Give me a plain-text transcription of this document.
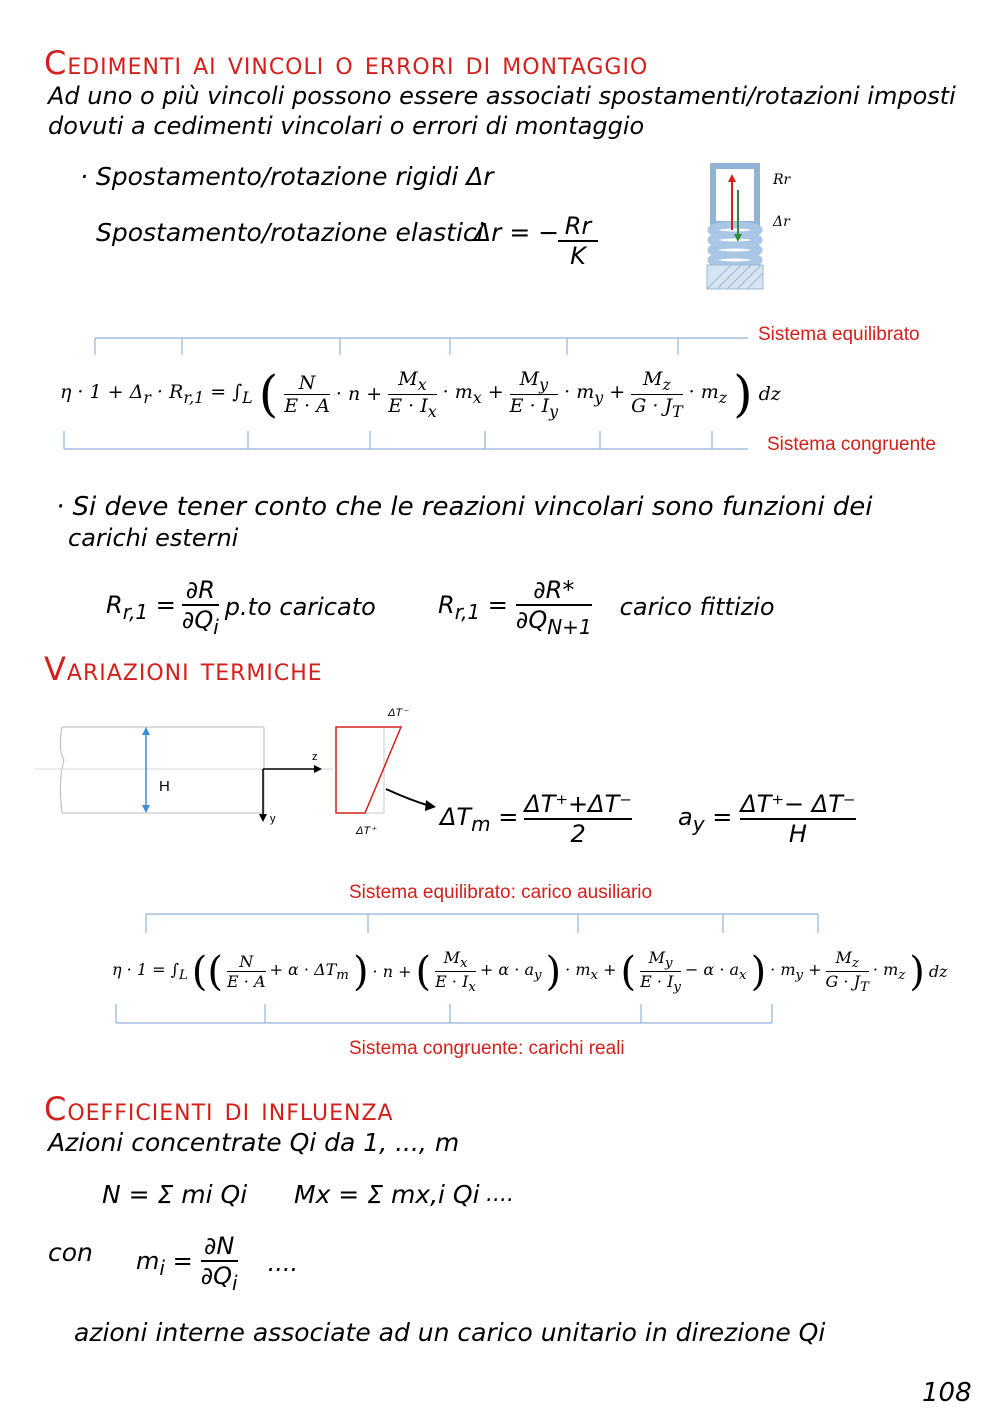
Cedimenti ai vincoli o errori di montaggio
Ad uno o più vincoli possono essere associati spostamenti/rotazioni imposti
dovuti a cedimenti vincolari o errori di montaggio
· Spostamento/rotazione rigidi Δr
Spostamento/rotazione elastici
Δr = − Rr
K
Rr
Δr
Sistema equilibrato
Sistema congruente
$\eta \cdot 1 + \Delta_r \cdot R_{r,1} = \int_L$ (	N
E · A
· $n + \frac{M_x}{E \cdot I_x} \cdot m_x + \frac{M_y}{E \cdot I_y} \cdot m_y + \frac{M_z}{G \cdot J_T} \cdot m_z$ ) dz
· Si deve tener conto che le reazioni vincolari sono funzioni dei
carichi esterni
$R_{r,1} = \frac{\partial R}{\partial Q_i} p.to$ caricato	$R_{r,1} = \frac{\partial R*}{\partial Q_{N+1}}$ carico fittizio
Variazioni termiche
H
z
y
ΔT⁻
ΔT⁺
$\Delta T_m = \frac{\Delta T^++\Delta T^-}{2} a_y = \frac{\Delta T^+- \Delta T^-}{H}$
Sistema equilibrato: carico ausiliario
Sistema congruente: carichi reali
$\eta \cdot 1 = \int_L$ ((	N
E · A
+ $\alpha \cdot \Delta T_m$ ) · n + ( $M_x$
$E \cdot I_x$
+ $\alpha \cdot a_y$ ) · $m_x$ + ( $M_y$
$E \cdot I_y$
− $\alpha \cdot a_x$ ) · $m_y + \frac{M_z}{G \cdot J_T} \cdot m_z$ ) dz
Coefficienti di influenza
Azioni concentrate Qi da 1, ..., m
N = Σ mi Qi Mx = Σ mx,i Qi ....
con $m_i = \frac{\partial N}{\partial Q_i}$ ....
azioni interne associate ad un carico unitario in direzione Qi
108
